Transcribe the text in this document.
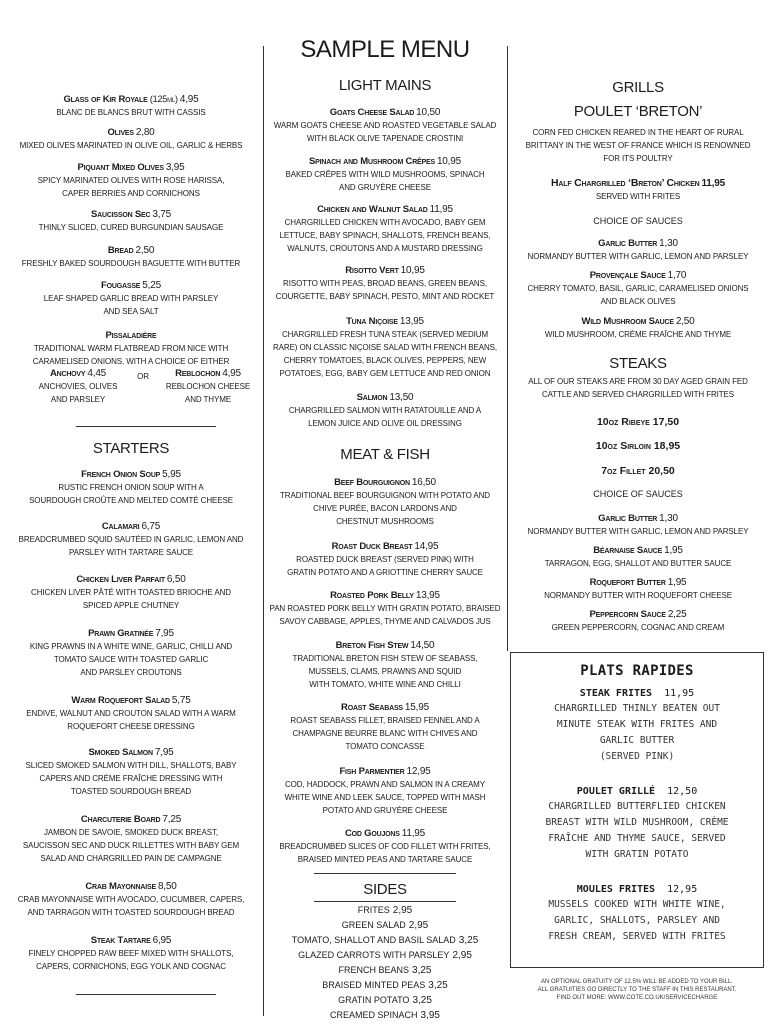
SAMPLE MENU
Glass of Kir Royale (125ml) 4,95
BLANC DE BLANCS BRUT WITH CASSIS
Olives 2,80
MIXED OLIVES MARINATED IN OLIVE OIL, GARLIC & HERBS
Piquant Mixed Olives 3,95
SPICY MARINATED OLIVES WITH ROSE HARISSA,
CAPER BERRIES AND CORNICHONS
Saucisson Sec 3,75
THINLY SLICED, CURED BURGUNDIAN SAUSAGE
Bread 2,50
FRESHLY BAKED SOURDOUGH BAGUETTE WITH BUTTER
Fougasse 5,25
LEAF SHAPED GARLIC BREAD WITH PARSLEY
AND SEA SALT
Pissaladière
TRADITIONAL WARM FLATBREAD FROM NICE WITH
CARAMELISED ONIONS, WITH A CHOICE OF EITHER
Anchovy 4,45
ANCHOVIES, OLIVES
AND PARSLEY
OR	Reblochon 4,95
REBLOCHON CHEESE
AND THYME
STARTERS
French Onion Soup 5,95
RUSTIC FRENCH ONION SOUP WITH A
SOURDOUGH CROÛTE AND MELTED COMTÉ CHEESE
Calamari 6,75
BREADCRUMBED SQUID SAUTÉED IN GARLIC, LEMON AND
PARSLEY WITH TARTARE SAUCE
Chicken Liver Parfait 6,50
CHICKEN LIVER PÂTÉ WITH TOASTED BRIOCHE AND
SPICED APPLE CHUTNEY
Prawn Gratinée 7,95
KING PRAWNS IN A WHITE WINE, GARLIC, CHILLI AND
TOMATO SAUCE WITH TOASTED GARLIC
AND PARSLEY CROUTONS
Warm Roquefort Salad 5,75
ENDIVE, WALNUT AND CROUTON SALAD WITH A WARM
ROQUEFORT CHEESE DRESSING
Smoked Salmon 7,95
SLICED SMOKED SALMON WITH DILL, SHALLOTS, BABY
CAPERS AND CRÈME FRAÎCHE DRESSING WITH
TOASTED SOURDOUGH BREAD
Charcuterie Board 7,25
JAMBON DE SAVOIE, SMOKED DUCK BREAST,
SAUCISSON SEC AND DUCK RILLETTES WITH BABY GEM
SALAD AND CHARGRILLED PAIN DE CAMPAGNE
Crab Mayonnaise 8,50
CRAB MAYONNAISE WITH AVOCADO, CUCUMBER, CAPERS,
AND TARRAGON WITH TOASTED SOURDOUGH BREAD
Steak Tartare 6,95
FINELY CHOPPED RAW BEEF MIXED WITH SHALLOTS,
CAPERS, CORNICHONS, EGG YOLK AND COGNAC
LIGHT MAINS
Goats Cheese Salad 10,50
WARM GOATS CHEESE AND ROASTED VEGETABLE SALAD
WITH BLACK OLIVE TAPENADE CROSTINI
Spinach and Mushroom Crêpes 10,95
BAKED CRÊPES WITH WILD MUSHROOMS, SPINACH
AND GRUYÈRE CHEESE
Chicken and Walnut Salad 11,95
CHARGRILLED CHICKEN WITH AVOCADO, BABY GEM
LETTUCE, BABY SPINACH, SHALLOTS, FRENCH BEANS,
WALNUTS, CROUTONS AND A MUSTARD DRESSING
Risotto Vert 10,95
RISOTTO WITH PEAS, BROAD BEANS, GREEN BEANS,
COURGETTE, BABY SPINACH, PESTO, MINT AND ROCKET
Tuna Niçoise 13,95
CHARGRILLED FRESH TUNA STEAK (SERVED MEDIUM
RARE) ON CLASSIC NIÇOISE SALAD WITH FRENCH BEANS,
CHERRY TOMATOES, BLACK OLIVES, PEPPERS, NEW
POTATOES, EGG, BABY GEM LETTUCE AND RED ONION
Salmon 13,50
CHARGRILLED SALMON WITH RATATOUILLE AND A
LEMON JUICE AND OLIVE OIL DRESSING
MEAT & FISH
Beef Bourguignon 16,50
TRADITIONAL BEEF BOURGUIGNON WITH POTATO AND
CHIVE PURÉE, BACON LARDONS AND
CHESTNUT MUSHROOMS
Roast Duck Breast 14,95
ROASTED DUCK BREAST (SERVED PINK) WITH
GRATIN POTATO AND A GRIOTTINE CHERRY SAUCE
Roasted Pork Belly 13,95
PAN ROASTED PORK BELLY WITH GRATIN POTATO, BRAISED
SAVOY CABBAGE, APPLES, THYME AND CALVADOS JUS
Breton Fish Stew 14,50
TRADITIONAL BRETON FISH STEW OF SEABASS,
MUSSELS, CLAMS, PRAWNS AND SQUID
WITH TOMATO, WHITE WINE AND CHILLI
Roast Seabass 15,95
ROAST SEABASS FILLET, BRAISED FENNEL AND A
CHAMPAGNE BEURRE BLANC WITH CHIVES AND
TOMATO CONCASSE
Fish Parmentier 12,95
COD, HADDOCK, PRAWN AND SALMON IN A CREAMY
WHITE WINE AND LEEK SAUCE, TOPPED WITH MASH
POTATO AND GRUYÈRE CHEESE
Cod Goujons 11,95
BREADCRUMBED SLICES OF COD FILLET WITH FRITES,
BRAISED MINTED PEAS AND TARTARE SAUCE
SIDES
FRITES 2,95
GREEN SALAD 2,95
TOMATO, SHALLOT AND BASIL SALAD 3,25
GLAZED CARROTS WITH PARSLEY 2,95
FRENCH BEANS 3,25
BRAISED MINTED PEAS 3,25
GRATIN POTATO 3,25
CREAMED SPINACH 3,95
GRILLS
POULET ‘BRETON’
CORN FED CHICKEN REARED IN THE HEART OF RURAL
BRITTANY IN THE WEST OF FRANCE WHICH IS RENOWNED
FOR ITS POULTRY
Half Chargrilled ‘Breton’ Chicken 11,95
SERVED WITH FRITES
CHOICE OF SAUCES
Garlic Butter 1,30
NORMANDY BUTTER WITH GARLIC, LEMON AND PARSLEY
Provençale Sauce 1,70
CHERRY TOMATO, BASIL, GARLIC, CARAMELISED ONIONS
AND BLACK OLIVES
Wild Mushroom Sauce 2,50
WILD MUSHROOM, CRÈME FRAÎCHE AND THYME
STEAKS
ALL OF OUR STEAKS ARE FROM 30 DAY AGED GRAIN FED
CATTLE AND SERVED CHARGRILLED WITH FRITES
10oz Ribeye 17,50
10oz Sirloin 18,95
7oz Fillet 20,50
CHOICE OF SAUCES
Garlic Butter 1,30
NORMANDY BUTTER WITH GARLIC, LEMON AND PARSLEY
Béarnaise Sauce 1,95
TARRAGON, EGG, SHALLOT AND BUTTER SAUCE
Roquefort Butter 1,95
NORMANDY BUTTER WITH ROQUEFORT CHEESE
Peppercorn Sauce 2,25
GREEN PEPPERCORN, COGNAC AND CREAM
PLATS RAPIDES
STEAK FRITES 11,95
CHARGRILLED THINLY BEATEN OUT
MINUTE STEAK WITH FRITES AND
GARLIC BUTTER
(SERVED PINK)
POULET GRILLÉ 12,50
CHARGRILLED BUTTERFLIED CHICKEN
BREAST WITH WILD MUSHROOM, CRÈME
FRAÎCHE AND THYME SAUCE, SERVED
WITH GRATIN POTATO
MOULES FRITES 12,95
MUSSELS COOKED WITH WHITE WINE,
GARLIC, SHALLOTS, PARSLEY AND
FRESH CREAM, SERVED WITH FRITES
AN OPTIONAL GRATUITY OF 12.5% WILL BE ADDED TO YOUR BILL.
ALL GRATUITIES GO DIRECTLY TO THE STAFF IN THIS RESTAURANT.
FIND OUT MORE: WWW.COTE.CO.UK/SERVICECHARGE
